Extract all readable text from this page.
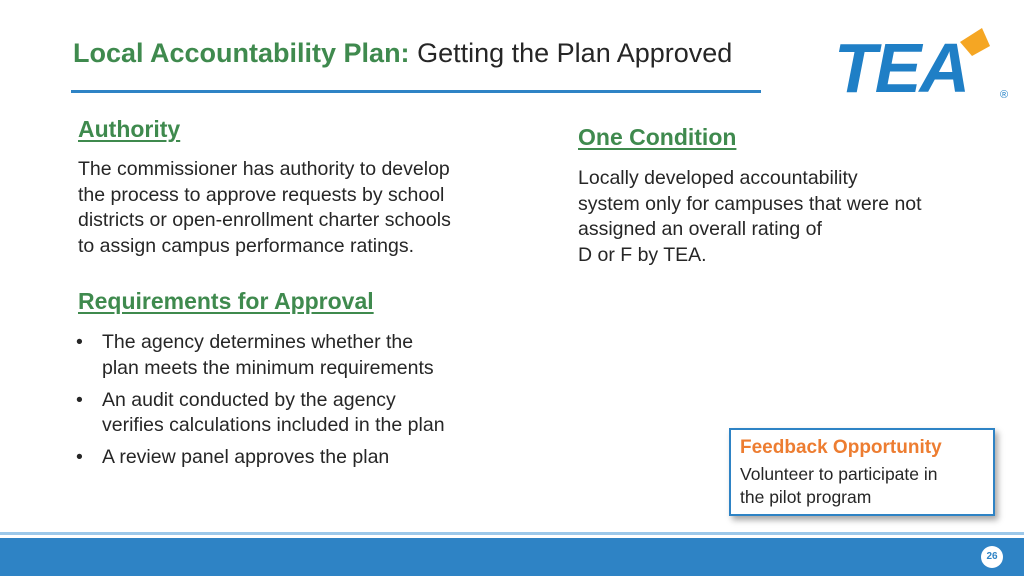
Local Accountability Plan: Getting the Plan Approved TEA	®
Authority
The commissioner has authority to develop
the process to approve requests by school
districts or open-enrollment charter schools
to assign campus performance ratings.
One Condition
Locally developed accountability
system only for campuses that were not
assigned an overall rating of
D or F by TEA.
Requirements for Approval
• The agency determines whether the
plan meets the minimum requirements
• An audit conducted by the agency
verifies calculations included in the plan
• A review panel approves the plan	Feedback Opportunity
Volunteer to participate in
the pilot program
26
